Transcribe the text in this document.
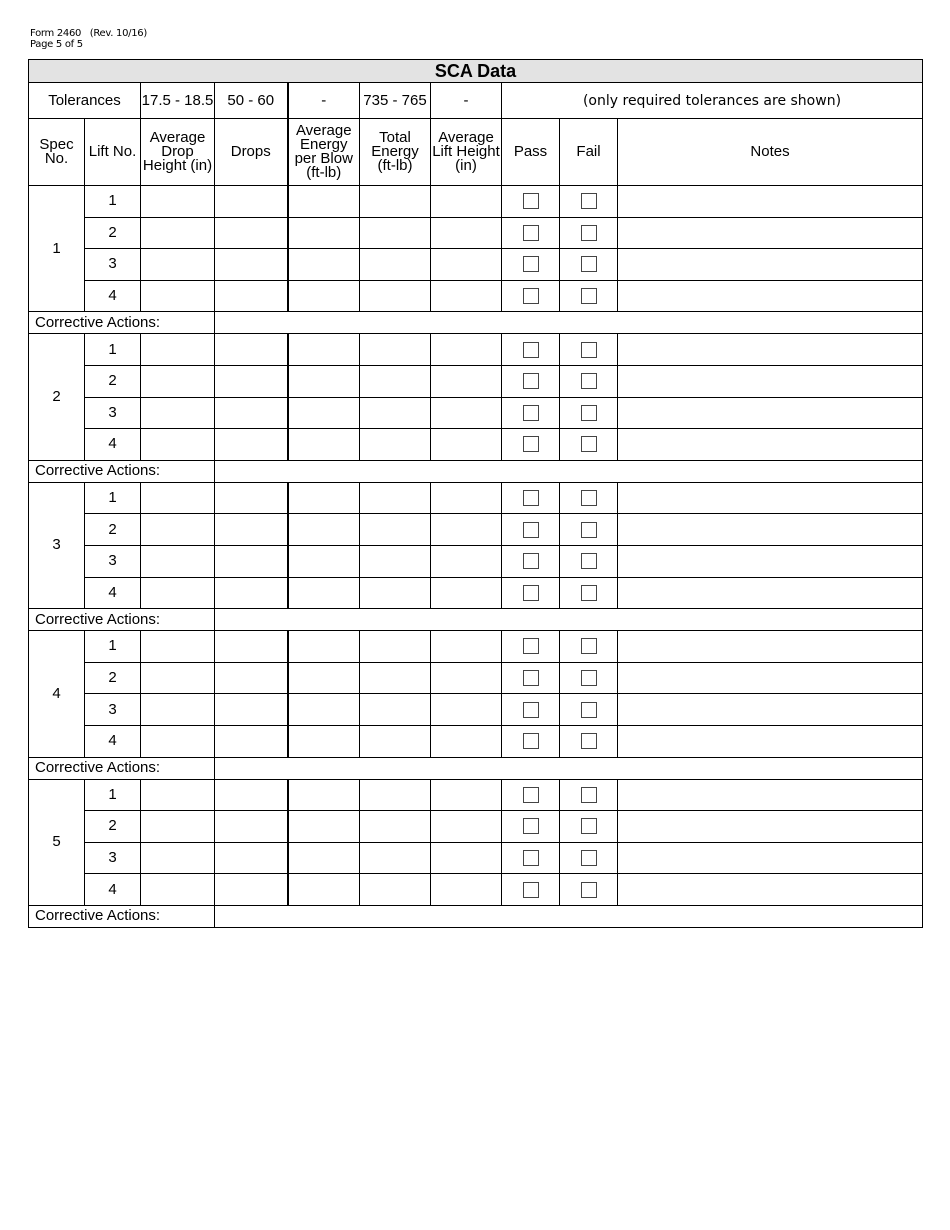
Form 2460   (Rev. 10/16)
Page 5 of 5
SCA Data									
Tolerances		17.5 - 18.5	50 - 60	-	735 - 765	-	(only required tolerances are shown)		
Spec No.	Lift No.	Average Drop Height (in)	Drops	Average Energy per Blow (ft-lb)	Total Energy (ft-lb)	Average Lift Height (in)	Pass	Fail	Notes
1	1								
	2								
	3								
	4								
Corrective Actions:									
2	1								
	2								
	3								
	4								
Corrective Actions:									
3	1								
	2								
	3								
	4								
Corrective Actions:									
4	1								
	2								
	3								
	4								
Corrective Actions:									
5	1								
	2								
	3								
	4								
Corrective Actions:									
